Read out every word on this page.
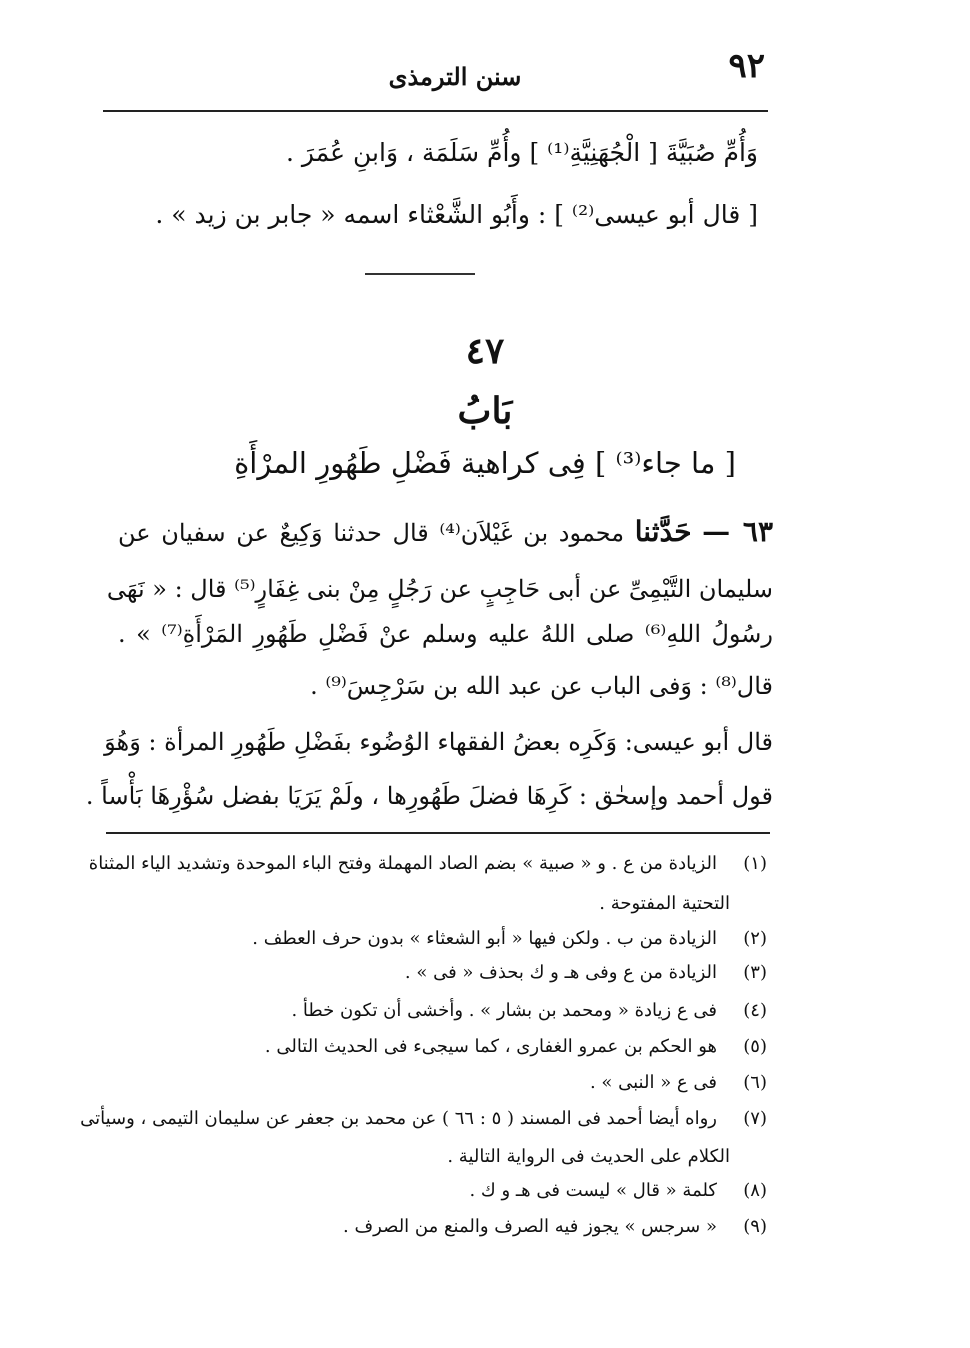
٩٢
سنن الترمذى
وَأُمِّ صُبَيَّةَ [ الْجُهَنِيَّةِ⁽¹⁾ ] وأُمِّ سَلَمَة ، وَابنِ عُمَرَ .
[ قال أبو عيسى⁽²⁾ ] : وأَبُو الشَّعْثاء اسمه « جابر بن زيد » .
٤٧
بَابُ
[ ما جاء⁽³⁾ ] فِى كراهية فَضْلِ طَهُورِ المرْأَةِ
٦٣ — حَدَّثنا محمود بن غَيْلاَن⁽⁴⁾ قال حدثنا وَكِيعٌ عن سفيان عن
سليمان التَّيْمِىِّ عن أبى حَاجِبٍ عن رَجُلٍ مِنْ بنى غِفَارٍ⁽⁵⁾ قال : « نَهَى
رسُولُ اللهِ⁽⁶⁾ صلى اللهُ عليه وسلم عنْ فَضْلِ طَهُورِ المَرْأَةِ⁽⁷⁾ » .
قال⁽⁸⁾ : وَفى الباب عن عبد الله بن سَرْجِسَ⁽⁹⁾ .
قال أبو عيسى: وَكَرِه بعضُ الفقهاء الوُضُوء بفَضْلِ طَهُورِ المرأة : وَهُوَ
قول أحمد وإسحٰق : كَرِهَا فضلَ طَهُورِها ، ولَمْ يَرَيَا بفضل سُؤْرِهَا بَأْساً .
(١)الزيادة من ع . و « صبية » بضم الصاد المهملة وفتح الباء الموحدة وتشديد الياء المثناة
التحتية المفتوحة .
(٢)الزيادة من ب . ولكن فيها « أبو الشعثاء » بدون حرف العطف .
(٣)الزيادة من ع وفى هـ و ك بحذف « فى » .
(٤)فى ع زيادة « ومحمد بن بشار » . وأخشى أن تكون خطأ .
(٥)هو الحكم بن عمرو الغفارى ، كما سيجىء فى الحديث التالى .
(٦)فى ع « النبى » .
(٧)رواه أيضا أحمد فى المسند ( ٥ : ٦٦ ) عن محمد بن جعفر عن سليمان التيمى ، وسيأتى
الكلام على الحديث فى الرواية التالية .
(٨)كلمة « قال » ليست فى هـ و ك .
(٩)« سرجس » يجوز فيه الصرف والمنع من الصرف .
